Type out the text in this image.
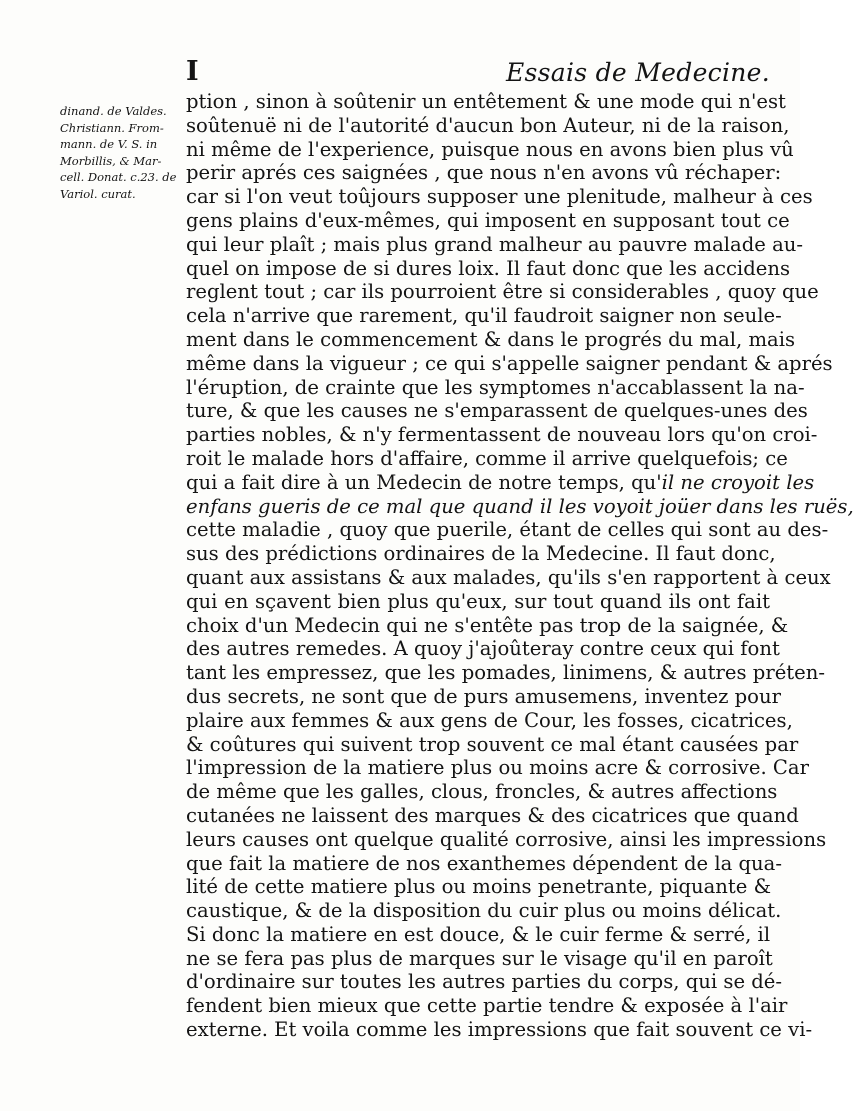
I	Essais de Medecine.
dinand. de Valdes.
Christiann. From-
mann. de V. S. in
Morbillis, & Mar-
cell. Donat. c.23. de
Variol. curat.
ption , sinon à soûtenir un entêtement & une mode qui n'est
soûtenuë ni de l'autorité d'aucun bon Auteur, ni de la raison,
ni même de l'experience, puisque nous en avons bien plus vû
perir aprés ces saignées , que nous n'en avons vû réchaper:
car si l'on veut toûjours supposer une plenitude, malheur à ces
gens plains d'eux-mêmes, qui imposent en supposant tout ce
qui leur plaît ; mais plus grand malheur au pauvre malade au-
quel on impose de si dures loix. Il faut donc que les accidens
reglent tout ; car ils pourroient être si considerables , quoy que
cela n'arrive que rarement, qu'il faudroit saigner non seule-
ment dans le commencement & dans le progrés du mal, mais
même dans la vigueur ; ce qui s'appelle saigner pendant & aprés
l'éruption, de crainte que les symptomes n'accablassent la na-
ture, & que les causes ne s'emparassent de quelques-unes des
parties nobles, & n'y fermentassent de nouveau lors qu'on croi-
roit le malade hors d'affaire, comme il arrive quelquefois; ce
qui a fait dire à un Medecin de notre temps, qu'il ne croyoit les
enfans gueris de ce mal que quand il les voyoit joüer dans les ruës,
cette maladie , quoy que puerile, étant de celles qui sont au des-
sus des prédictions ordinaires de la Medecine. Il faut donc,
quant aux assistans & aux malades, qu'ils s'en rapportent à ceux
qui en sçavent bien plus qu'eux, sur tout quand ils ont fait
choix d'un Medecin qui ne s'entête pas trop de la saignée, &
des autres remedes. A quoy j'ajoûteray contre ceux qui font
tant les empressez, que les pomades, linimens, & autres préten-
dus secrets, ne sont que de purs amusemens, inventez pour
plaire aux femmes & aux gens de Cour, les fosses, cicatrices,
& coûtures qui suivent trop souvent ce mal étant causées par
l'impression de la matiere plus ou moins acre & corrosive. Car
de même que les galles, clous, froncles, & autres affections
cutanées ne laissent des marques & des cicatrices que quand
leurs causes ont quelque qualité corrosive, ainsi les impressions
que fait la matiere de nos exanthemes dépendent de la qua-
lité de cette matiere plus ou moins penetrante, piquante &
caustique, & de la disposition du cuir plus ou moins délicat.
Si donc la matiere en est douce, & le cuir ferme & serré, il
ne se fera pas plus de marques sur le visage qu'il en paroît
d'ordinaire sur toutes les autres parties du corps, qui se dé-
fendent bien mieux que cette partie tendre & exposée à l'air
externe. Et voila comme les impressions que fait souvent ce vi-
